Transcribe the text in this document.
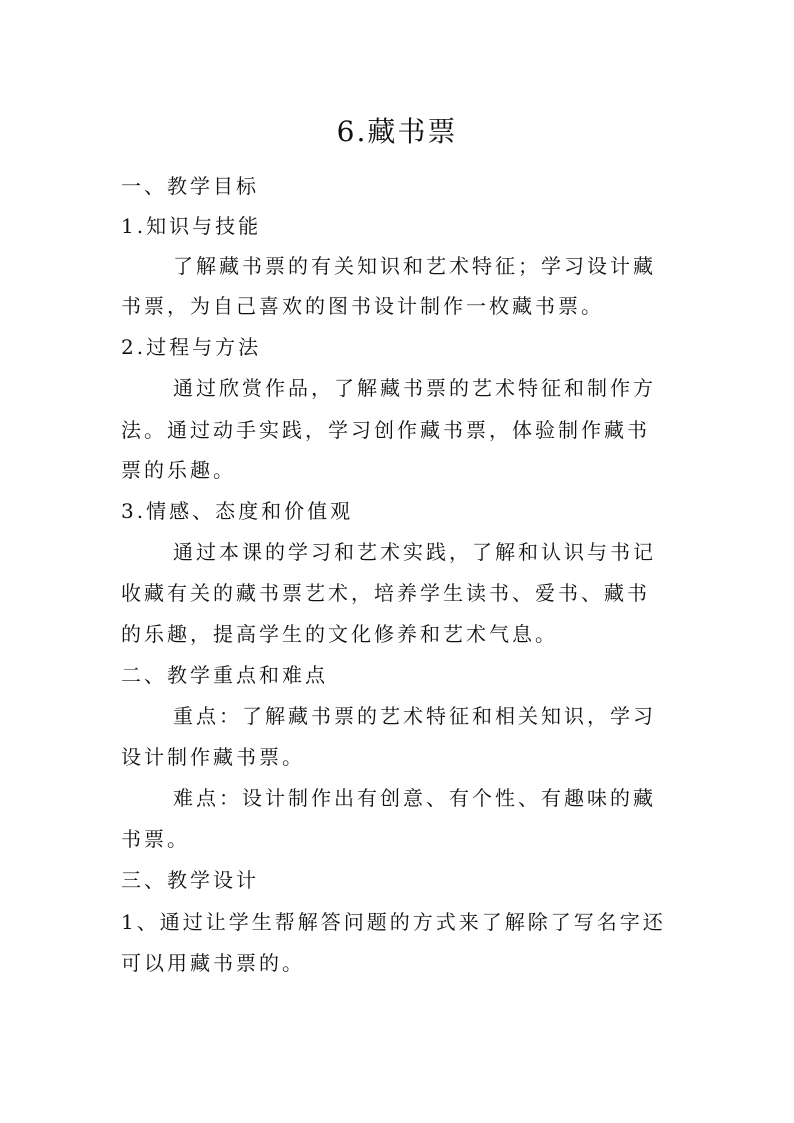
6.藏书票
一、教学目标
1.知识与技能
了解藏书票的有关知识和艺术特征；学习设计藏
书票，为自己喜欢的图书设计制作一枚藏书票。
2.过程与方法
通过欣赏作品，了解藏书票的艺术特征和制作方
法。通过动手实践，学习创作藏书票，体验制作藏书
票的乐趣。
3.情感、态度和价值观
通过本课的学习和艺术实践，了解和认识与书记
收藏有关的藏书票艺术，培养学生读书、爱书、藏书
的乐趣，提高学生的文化修养和艺术气息。
二、教学重点和难点
重点：了解藏书票的艺术特征和相关知识，学习
设计制作藏书票。
难点：设计制作出有创意、有个性、有趣味的藏
书票。
三、教学设计
1、通过让学生帮解答问题的方式来了解除了写名字还
可以用藏书票的。
